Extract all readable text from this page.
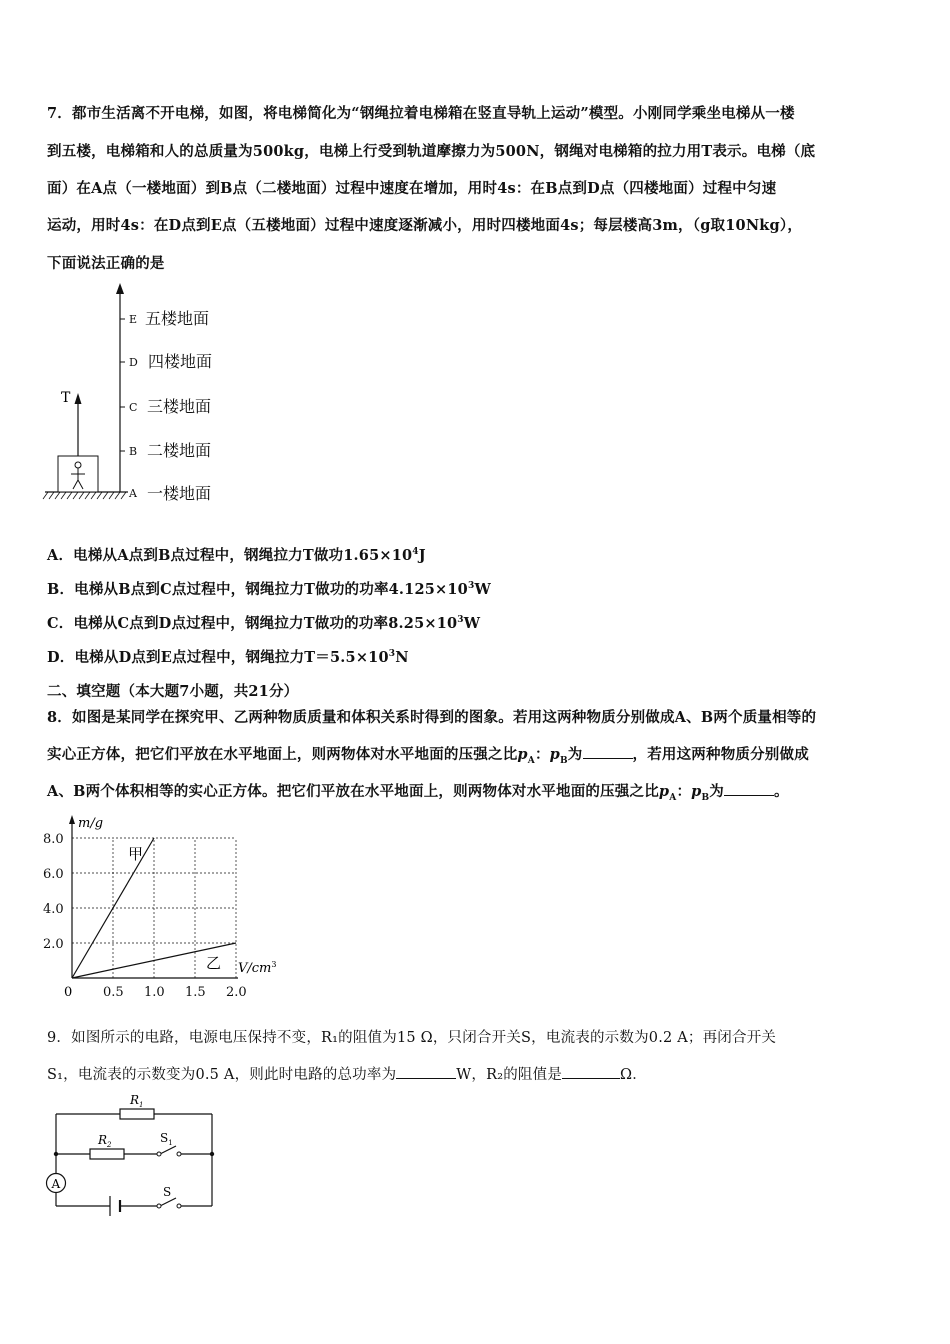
7．都市生活离不开电梯，如图，将电梯简化为“钢绳拉着电梯箱在竖直导轨上运动”模型。小刚同学乘坐电梯从一楼
到五楼，电梯箱和人的总质量为500kg，电梯上行受到轨道摩擦力为500N，钢绳对电梯箱的拉力用T表示。电梯（底
面）在A点（一楼地面）到B点（二楼地面）过程中速度在增加，用时4s：在B点到D点（四楼地面）过程中匀速
运动，用时4s：在D点到E点（五楼地面）过程中速度逐渐减小，用时四楼地面4s；每层楼高3m，（g取10Nkg），
下面说法正确的是
T
E
D
C
B
A
五楼地面
四楼地面
三楼地面
二楼地面
一楼地面
A．电梯从A点到B点过程中，钢绳拉力T做功$1.65\times 10^4J$
B．电梯从B点到C点过程中，钢绳拉力T做功的功率$4.125\times 10^3W$
C．电梯从C点到D点过程中，钢绳拉力T做功的功率$8.25\times 10^3W$
D．电梯从D点到E点过程中，钢绳拉力$T=5.5\times 10^3N$
二、填空题（本大题7小题，共21分）
8．如图是某同学在探究甲、乙两种物质质量和体积关系时得到的图象。若用这两种物质分别做成A、B两个质量相等的
实心正方体，把它们平放在水平地面上，则两物体对水平地面的压强之比$p_A$：$p_B$为	，若用这两种物质分别做成
A、B两个体积相等的实心正方体。把它们平放在水平地面上，则两物体对水平地面的压强之比$p_A$：$p_B$为	。
m/g
$V/cm^3$
0 0.5 1.0 1.5 2.0
2.0
4.0
6.0
8.0
甲
乙
9．如图所示的电路，电源电压保持不变，R₁的阻值为15 Ω，只闭合开关S，电流表的示数为0.2 A；再闭合开关
S₁，电流表的示数变为0.5 A，则此时电路的总功率为	W，R₂的阻值是	Ω．
A
$R_1$
$R_2$	$S_1$
S
